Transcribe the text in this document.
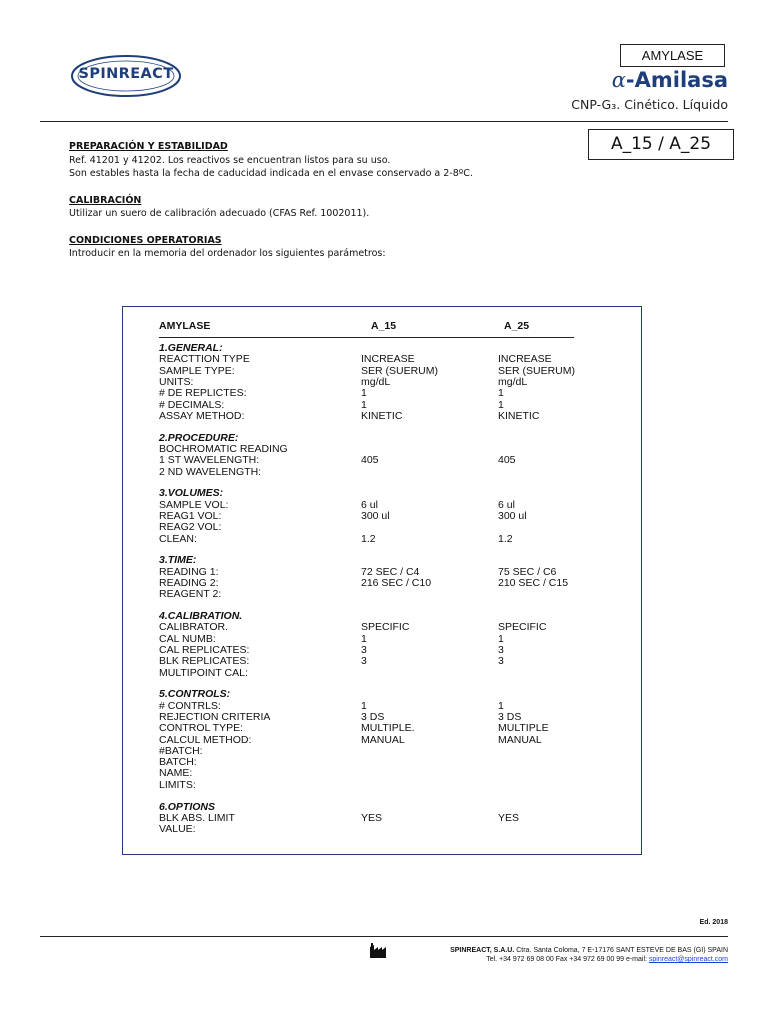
SPINREACT
AMYLASE
α-Amilasa
CNP-G₃. Cinético. Líquido
A_15 / A_25
PREPARACIÓN Y ESTABILIDAD
Ref. 41201 y 41202. Los reactivos se encuentran listos para su uso.
Son estables hasta la fecha de caducidad indicada en el envase conservado a 2-8ºC.
CALIBRACIÓN
Utilizar un suero de calibración adecuado (CFAS Ref. 1002011).
CONDICIONES OPERATORIAS
Introducir en la memoria del ordenador los siguientes parámetros:
AMYLASE	A_15	A_25
1.GENERAL:
REACTTION TYPE	INCREASE	INCREASE
SAMPLE TYPE:	SER (SUERUM)	SER (SUERUM)
UNITS:	mg/dL	mg/dL
# DE REPLICTES:	1	1
# DECIMALS:	1	1
ASSAY METHOD:	KINETIC	KINETIC
2.PROCEDURE:
BOCHROMATIC READING
1 ST WAVELENGTH:	405	405
2 ND WAVELENGTH:
3.VOLUMES:
SAMPLE VOL:	6 ul	6 ul
REAG1 VOL:	300 ul	300 ul
REAG2 VOL:
CLEAN:	1.2	1.2
3.TIME:
READING 1:	72 SEC / C4	75 SEC / C6
READING 2:	216 SEC / C10	210 SEC / C15
REAGENT 2:
4.CALIBRATION.
CALIBRATOR.	SPECIFIC	SPECIFIC
CAL NUMB:	1	1
CAL REPLICATES:	3	3
BLK REPLICATES:	3	3
MULTIPOINT CAL:
5.CONTROLS:
# CONTRLS:	1	1
REJECTION CRITERIA	3 DS	3 DS
CONTROL TYPE:	MULTIPLE.	MULTIPLE
CALCUL METHOD:	MANUAL	MANUAL
#BATCH:
BATCH:
NAME:
LIMITS:
6.OPTIONS
BLK ABS. LIMIT	YES	YES
VALUE:
Ed. 2018
SPINREACT, S.A.U. Ctra. Santa Coloma, 7 E-17176 SANT ESTEVE DE BAS (GI) SPAIN
Tel. +34 972 69 08 00 Fax +34 972 69 00 99 e-mail: spinreact@spinreact.com
